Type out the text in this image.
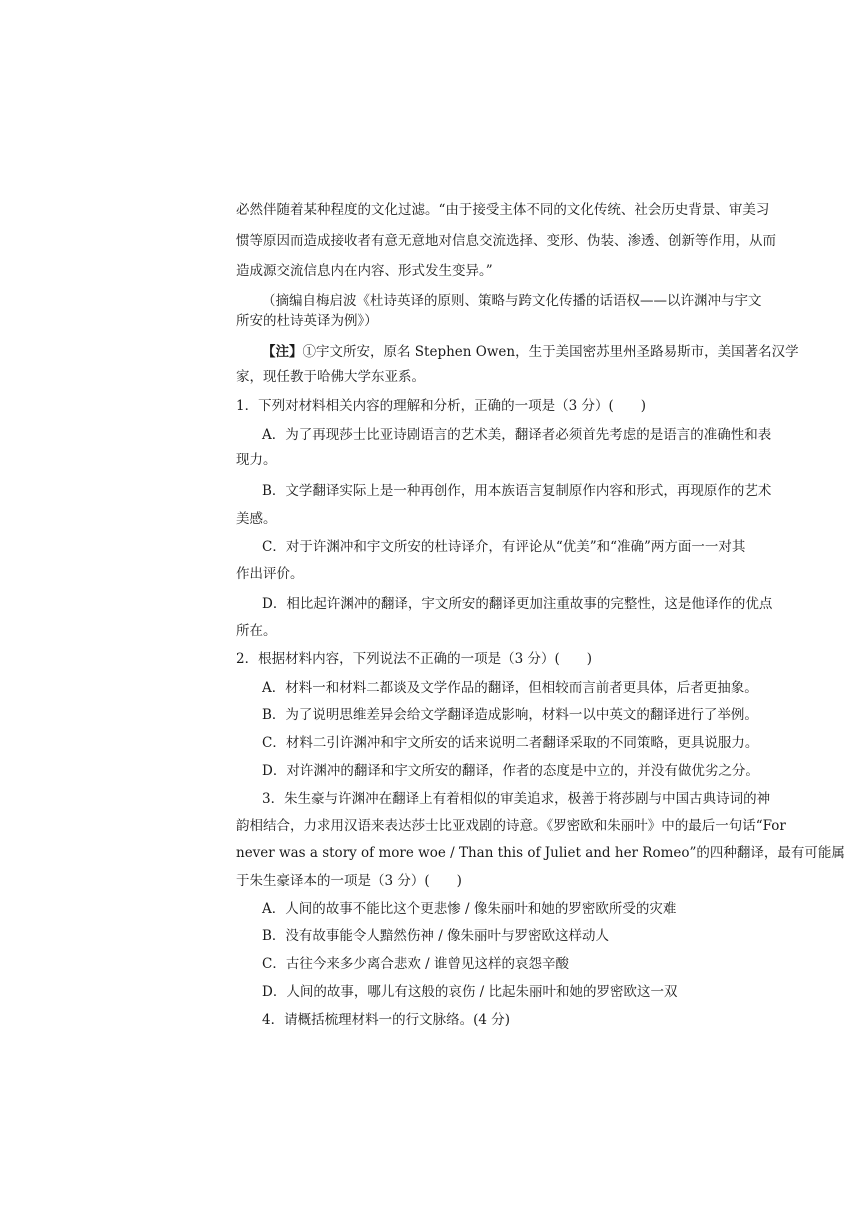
必然伴随着某种程度的文化过滤。“由于接受主体不同的文化传统、社会历史背景、审美习
惯等原因而造成接收者有意无意地对信息交流选择、变形、伪装、渗透、创新等作用，从而
造成源交流信息内在内容、形式发生变异。”
（摘编自梅启波《杜诗英译的原则、策略与跨文化传播的话语权——以许渊冲与宇文
所安的杜诗英译为例》）
【注】①宇文所安，原名 Stephen Owen，生于美国密苏里州圣路易斯市，美国著名汉学
家，现任教于哈佛大学东亚系。
1．下列对材料相关内容的理解和分析，正确的一项是（3 分）(　　)
A．为了再现莎士比亚诗剧语言的艺术美，翻译者必须首先考虑的是语言的准确性和表
现力。
B．文学翻译实际上是一种再创作，用本族语言复制原作内容和形式，再现原作的艺术
美感。
C．对于许渊冲和宇文所安的杜诗译介，有评论从“优美”和“准确”两方面一一对其
作出评价。
D．相比起许渊冲的翻译，宇文所安的翻译更加注重故事的完整性，这是他译作的优点
所在。
2．根据材料内容，下列说法不正确的一项是（3 分）(　　)
A．材料一和材料二都谈及文学作品的翻译，但相较而言前者更具体，后者更抽象。
B．为了说明思维差异会给文学翻译造成影响，材料一以中英文的翻译进行了举例。
C．材料二引许渊冲和宇文所安的话来说明二者翻译采取的不同策略，更具说服力。
D．对许渊冲的翻译和宇文所安的翻译，作者的态度是中立的，并没有做优劣之分。
3．朱生豪与许渊冲在翻译上有着相似的审美追求，极善于将莎剧与中国古典诗词的神
韵相结合，力求用汉语来表达莎士比亚戏剧的诗意。《罗密欧和朱丽叶》中的最后一句话“For
never was a story of more woe / Than this of Juliet and her Romeo”的四种翻译，最有可能属
于朱生豪译本的一项是（3 分）(　　)
A．人间的故事不能比这个更悲惨 / 像朱丽叶和她的罗密欧所受的灾难
B．没有故事能令人黯然伤神 / 像朱丽叶与罗密欧这样动人
C．古往今来多少离合悲欢 / 谁曾见这样的哀怨辛酸
D．人间的故事，哪儿有这般的哀伤 / 比起朱丽叶和她的罗密欧这一双
4．请概括梳理材料一的行文脉络。(4 分)
